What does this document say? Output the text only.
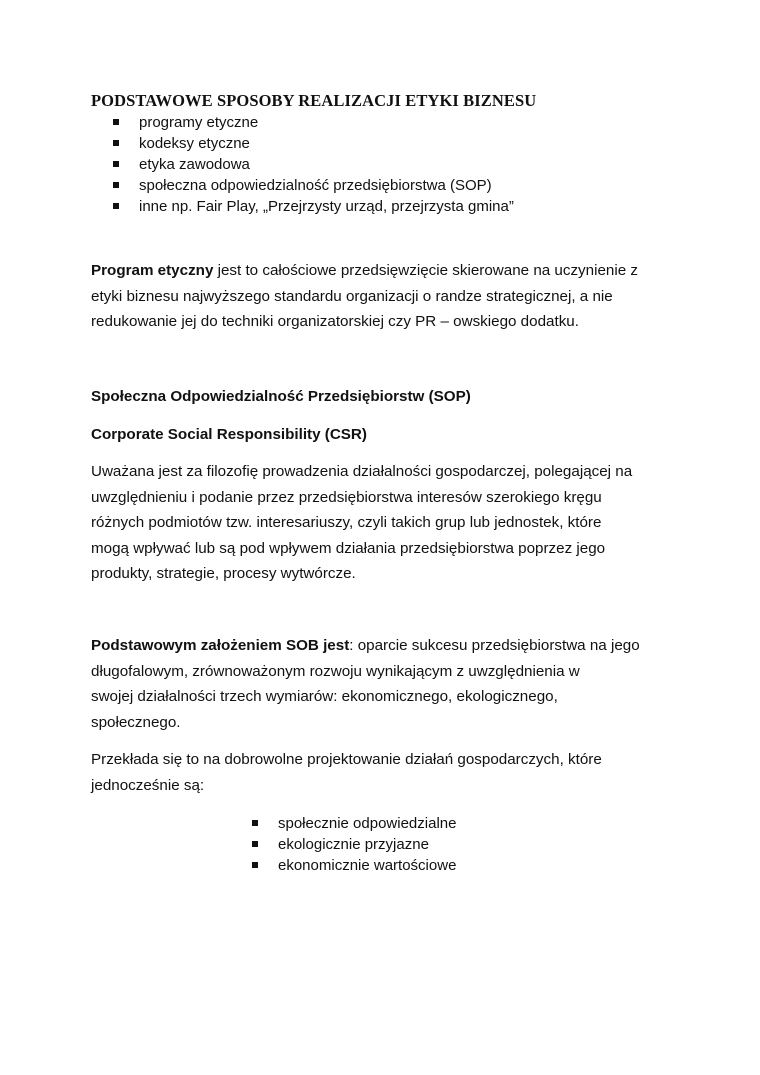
PODSTAWOWE SPOSOBY REALIZACJI ETYKI BIZNESU
programy etyczne
kodeksy etyczne
etyka zawodowa
społeczna odpowiedzialność przedsiębiorstwa (SOP)
inne np. Fair Play, „Przejrzysty urząd, przejrzysta gmina”

Program etyczny jest to całościowe przedsięwzięcie skierowane na uczynienie z
etyki biznesu najwyższego standardu organizacji o randze strategicznej, a nie
redukowanie jej do techniki organizatorskiej czy PR – owskiego dodatku.

Społeczna Odpowiedzialność Przedsiębiorstw (SOP)
Corporate Social Responsibility (CSR)

Uważana jest za filozofię prowadzenia działalności gospodarczej, polegającej na
uwzględnieniu i podanie przez przedsiębiorstwa interesów szerokiego kręgu
różnych podmiotów tzw. interesariuszy, czyli takich grup lub jednostek, które
mogą wpływać lub są pod wpływem działania przedsiębiorstwa poprzez jego
produkty, strategie, procesy wytwórcze.

Podstawowym założeniem SOB jest: oparcie sukcesu przedsiębiorstwa na jego
długofalowym, zrównoważonym rozwoju wynikającym z uwzględnienia w
swojej działalności trzech wymiarów: ekonomicznego, ekologicznego,
społecznego.

Przekłada się to na dobrowolne projektowanie działań gospodarczych, które
jednocześnie są:

społecznie odpowiedzialne
ekologicznie przyjazne
ekonomicznie wartościowe
